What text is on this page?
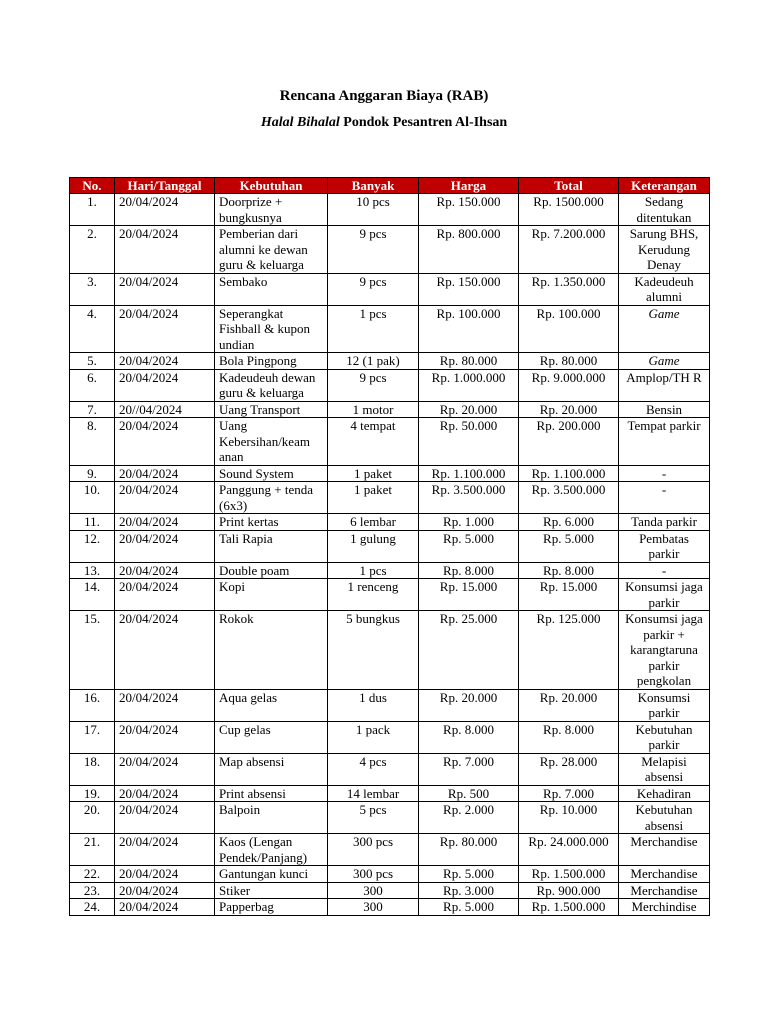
Rencana Anggaran Biaya (RAB)
Halal Bihalal Pondok Pesantren Al-Ihsan
No.	Hari/Tanggal	Kebutuhan	Banyak	Harga	Total	Keterangan
1.	20/04/2024	Doorprize + bungkusnya	10 pcs	Rp. 150.000	Rp. 1500.000	Sedang ditentukan
2.	20/04/2024	Pemberian dari alumni ke dewan guru & keluarga	9 pcs	Rp. 800.000	Rp. 7.200.000	Sarung BHS, Kerudung Denay
3.	20/04/2024	Sembako	9 pcs	Rp. 150.000	Rp. 1.350.000	Kadeudeuh alumni
4.	20/04/2024	Seperangkat Fishball & kupon undian	1 pcs	Rp. 100.000	Rp. 100.000	Game
5.	20/04/2024	Bola Pingpong	12 (1 pak)	Rp. 80.000	Rp. 80.000	Game
6.	20/04/2024	Kadeudeuh dewan guru & keluarga	9 pcs	Rp. 1.000.000	Rp. 9.000.000	Amplop/TH R
7.	20//04/2024	Uang Transport	1 motor	Rp. 20.000	Rp. 20.000	Bensin
8.	20/04/2024	Uang Kebersihan/keam anan	4 tempat	Rp. 50.000	Rp. 200.000	Tempat parkir
9.	20/04/2024	Sound System	1 paket	Rp. 1.100.000	Rp. 1.100.000	-
10.	20/04/2024	Panggung + tenda (6x3)	1 paket	Rp. 3.500.000	Rp. 3.500.000	-
11.	20/04/2024	Print kertas	6 lembar	Rp. 1.000	Rp. 6.000	Tanda parkir
12.	20/04/2024	Tali Rapia	1 gulung	Rp. 5.000	Rp. 5.000	Pembatas parkir
13.	20/04/2024	Double poam	1 pcs	Rp. 8.000	Rp. 8.000	-
14.	20/04/2024	Kopi	1 renceng	Rp. 15.000	Rp. 15.000	Konsumsi jaga parkir
15.	20/04/2024	Rokok	5 bungkus	Rp. 25.000	Rp. 125.000	Konsumsi jaga parkir + karangtaruna parkir pengkolan
16.	20/04/2024	Aqua gelas	1 dus	Rp. 20.000	Rp. 20.000	Konsumsi parkir
17.	20/04/2024	Cup gelas	1 pack	Rp. 8.000	Rp. 8.000	Kebutuhan parkir
18.	20/04/2024	Map absensi	4 pcs	Rp. 7.000	Rp. 28.000	Melapisi absensi
19.	20/04/2024	Print absensi	14 lembar	Rp. 500	Rp. 7.000	Kehadiran
20.	20/04/2024	Balpoin	5 pcs	Rp. 2.000	Rp. 10.000	Kebutuhan absensi
21.	20/04/2024	Kaos (Lengan Pendek/Panjang)	300 pcs	Rp. 80.000	Rp. 24.000.000	Merchandise
22.	20/04/2024	Gantungan kunci	300 pcs	Rp. 5.000	Rp. 1.500.000	Merchandise
23.	20/04/2024	Stiker	300	Rp. 3.000	Rp. 900.000	Merchandise
24.	20/04/2024	Papperbag	300	Rp. 5.000	Rp. 1.500.000	Merchindise
